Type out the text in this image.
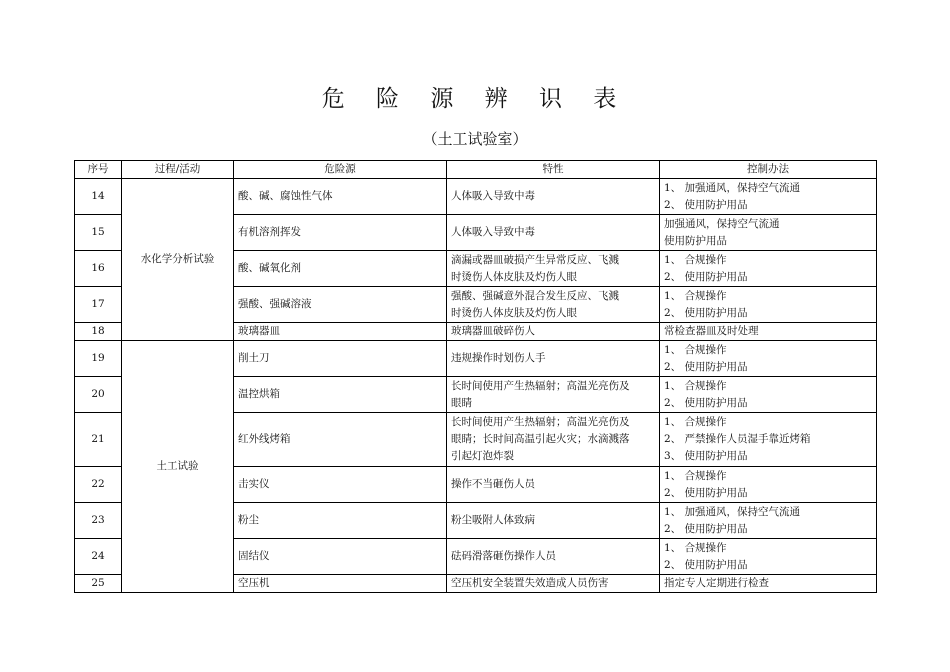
危 险 源 辨 识 表
（土工试验室）
序号	过程/活动	危险源	特性	控制办法
14	水化学分析试验	酸、碱、腐蚀性气体	人体吸入导致中毒	1、 加强通风，保持空气流通
2、 使用防护用品

15		有机溶剂挥发	人体吸入导致中毒	加强通风，保持空气流通
使用防护用品

16		酸、碱氧化剂	滴漏或器皿破损产生异常反应、飞溅
时烫伤人体皮肤及灼伤人眼	1、 合规操作
2、 使用防护用品

17		强酸、强碱溶液	强酸、强碱意外混合发生反应、飞溅
时烫伤人体皮肤及灼伤人眼	1、 合规操作
2、 使用防护用品

18		玻璃器皿	玻璃器皿破碎伤人	常检查器皿及时处理

19	土工试验	削土刀	违规操作时划伤人手	1、 合规操作
2、 使用防护用品

20		温控烘箱	长时间使用产生热辐射；高温光亮伤及
眼睛	1、 合规操作
2、 使用防护用品

21		红外线烤箱	长时间使用产生热辐射；高温光亮伤及
眼睛；长时间高温引起火灾；水滴溅落
引起灯泡炸裂	1、 合规操作
2、 严禁操作人员湿手靠近烤箱
3、 使用防护用品

22		击实仪	操作不当砸伤人员	1、 合规操作
2、 使用防护用品

23		粉尘	粉尘吸附人体致病	1、 加强通风，保持空气流通
2、 使用防护用品

24		固结仪	砝码滑落砸伤操作人员	1、 合规操作
2、 使用防护用品

25		空压机	空压机安全装置失效造成人员伤害	指定专人定期进行检查
